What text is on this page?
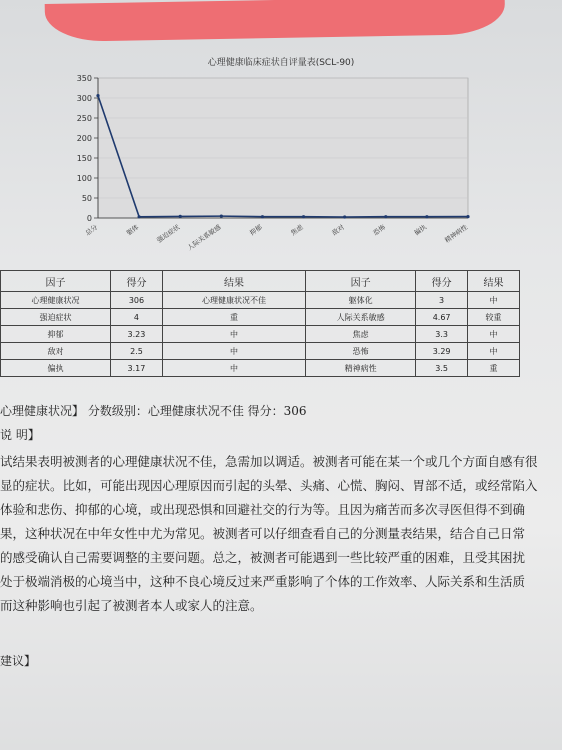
心理健康临床症状自评量表(SCL-90)
0
50
100
150
200
250
300
350
总分	躯体 强迫症状 人际关系敏感	抑郁	焦虑	敌对	恐怖	偏执 精神病性
因子	得分	结果	因子	得分	结果
心理健康状况	306	心理健康状况不佳	躯体化	3	中
强迫症状	4	重	人际关系敏感	4.67	较重
抑郁	3.23	中	焦虑	3.3	中
敌对	2.5	中	恐怖	3.29	中
偏执	3.17	中	精神病性	3.5	重
心理健康状况】 分数级别：心理健康状况不佳 得分：306
说 明】
试结果表明被测者的心理健康状况不佳，急需加以调适。被测者可能在某一个或几个方面自感有很
显的症状。比如，可能出现因心理原因而引起的头晕、头痛、心慌、胸闷、胃部不适，或经常陷入
体验和悲伤、抑郁的心境，或出现恐惧和回避社交的行为等。且因为痛苦而多次寻医但得不到确
果，这种状况在中年女性中尤为常见。被测者可以仔细查看自己的分测量表结果，结合自己日常
的感受确认自己需要调整的主要问题。总之，被测者可能遇到一些比较严重的困难，且受其困扰
处于极端消极的心境当中，这种不良心境反过来严重影响了个体的工作效率、人际关系和生活质
而这种影响也引起了被测者本人或家人的注意。
建议】
